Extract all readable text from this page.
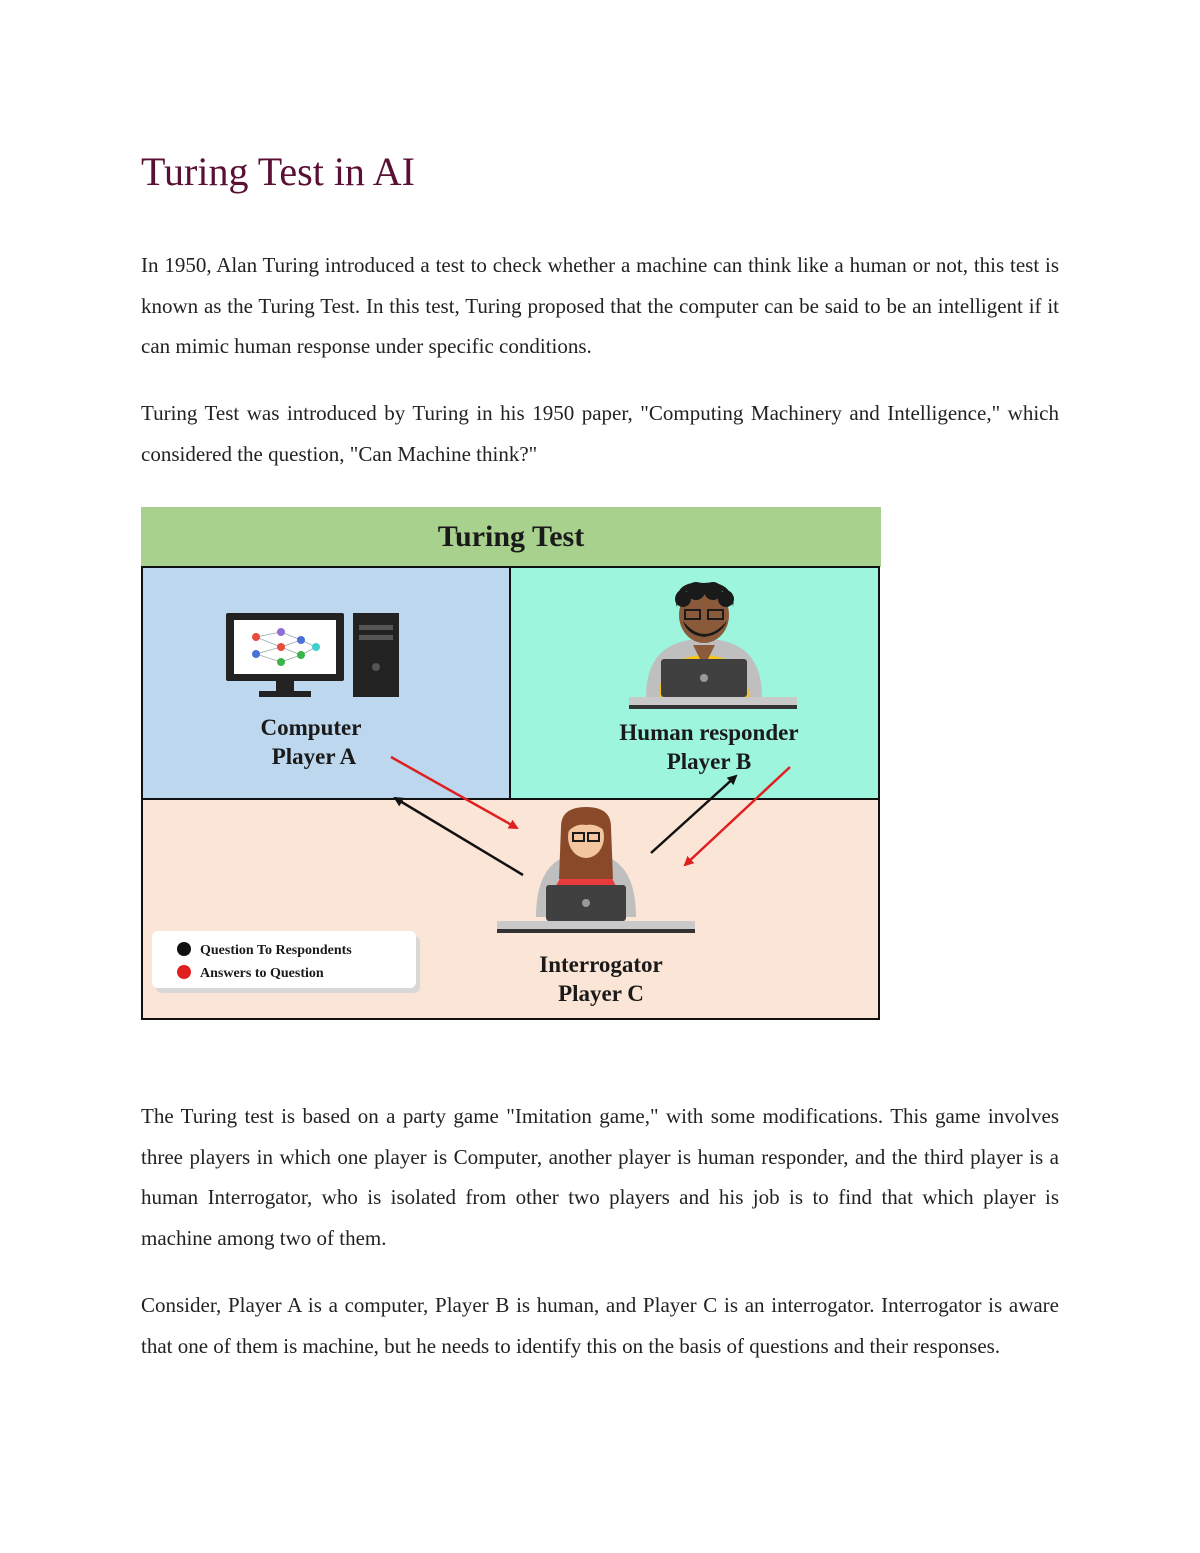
Turing Test in AI

In 1950, Alan Turing introduced a test to check whether a machine can think like a human or not, this test is known as the Turing Test. In this test, Turing proposed that the computer can be said to be an intelligent if it can mimic human response under specific conditions.

Turing Test was introduced by Turing in his 1950 paper, "Computing Machinery and Intelligence," which considered the question, "Can Machine think?"

Turing Test
Computer
Player A
Human responder
Player B
Interrogator
Player C
Question To Respondents
Answers to Question

The Turing test is based on a party game "Imitation game," with some modifications. This game involves three players in which one player is Computer, another player is human responder, and the third player is a human Interrogator, who is isolated from other two players and his job is to find that which player is machine among two of them.

Consider, Player A is a computer, Player B is human, and Player C is an interrogator. Interrogator is aware that one of them is machine, but he needs to identify this on the basis of questions and their responses.
